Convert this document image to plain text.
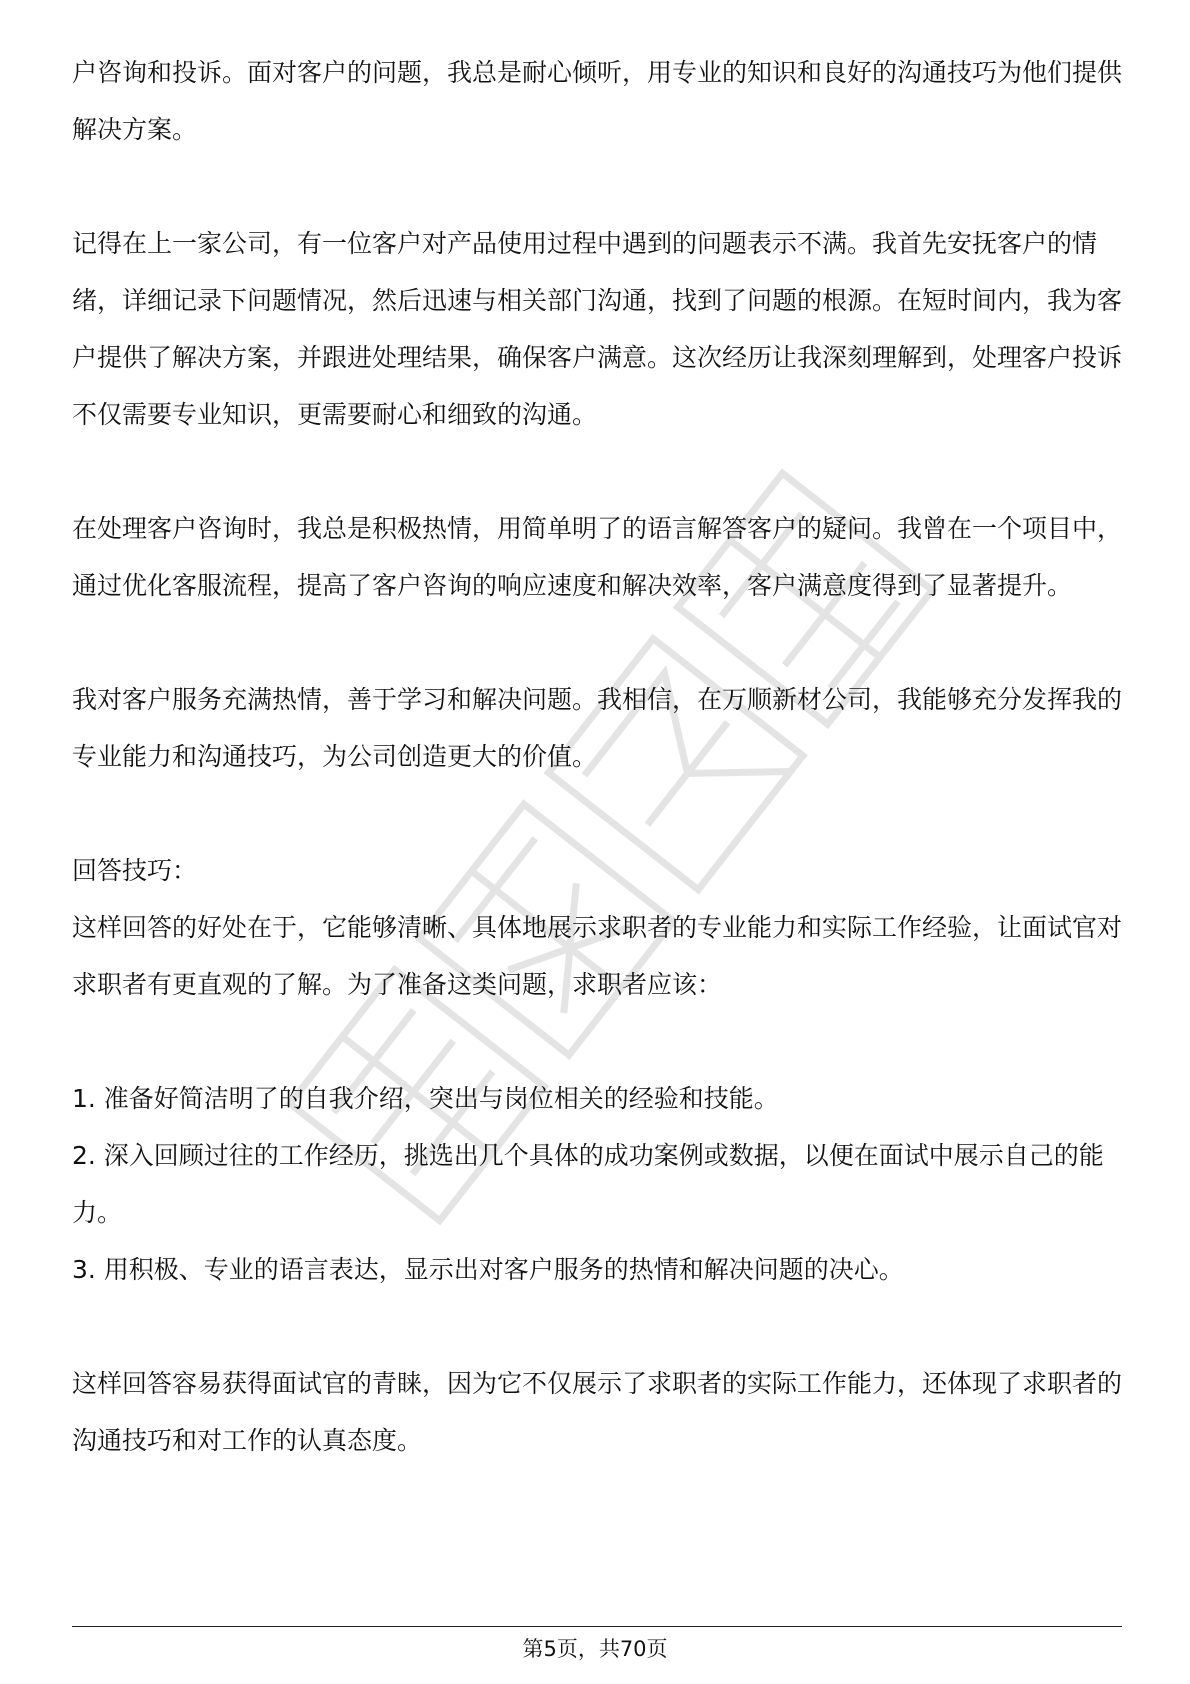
户咨询和投诉。面对客户的问题，我总是耐心倾听，用专业的知识和良好的沟通技巧为他们提供解决方案。

记得在上一家公司，有一位客户对产品使用过程中遇到的问题表示不满。我首先安抚客户的情绪，详细记录下问题情况，然后迅速与相关部门沟通，找到了问题的根源。在短时间内，我为客户提供了解决方案，并跟进处理结果，确保客户满意。这次经历让我深刻理解到，处理客户投诉不仅需要专业知识，更需要耐心和细致的沟通。

在处理客户咨询时，我总是积极热情，用简单明了的语言解答客户的疑问。我曾在一个项目中，通过优化客服流程，提高了客户咨询的响应速度和解决效率，客户满意度得到了显著提升。

我对客户服务充满热情，善于学习和解决问题。我相信，在万顺新材公司，我能够充分发挥我的专业能力和沟通技巧，为公司创造更大的价值。

回答技巧：

这样回答的好处在于，它能够清晰、具体地展示求职者的专业能力和实际工作经验，让面试官对求职者有更直观的了解。为了准备这类问题，求职者应该：

1. 准备好简洁明了的自我介绍，突出与岗位相关的经验和技能。

2. 深入回顾过往的工作经历，挑选出几个具体的成功案例或数据，以便在面试中展示自己的能力。

3. 用积极、专业的语言表达，显示出对客户服务的热情和解决问题的决心。

这样回答容易获得面试官的青睐，因为它不仅展示了求职者的实际工作能力，还体现了求职者的沟通技巧和对工作的认真态度。

第5页，共70页
